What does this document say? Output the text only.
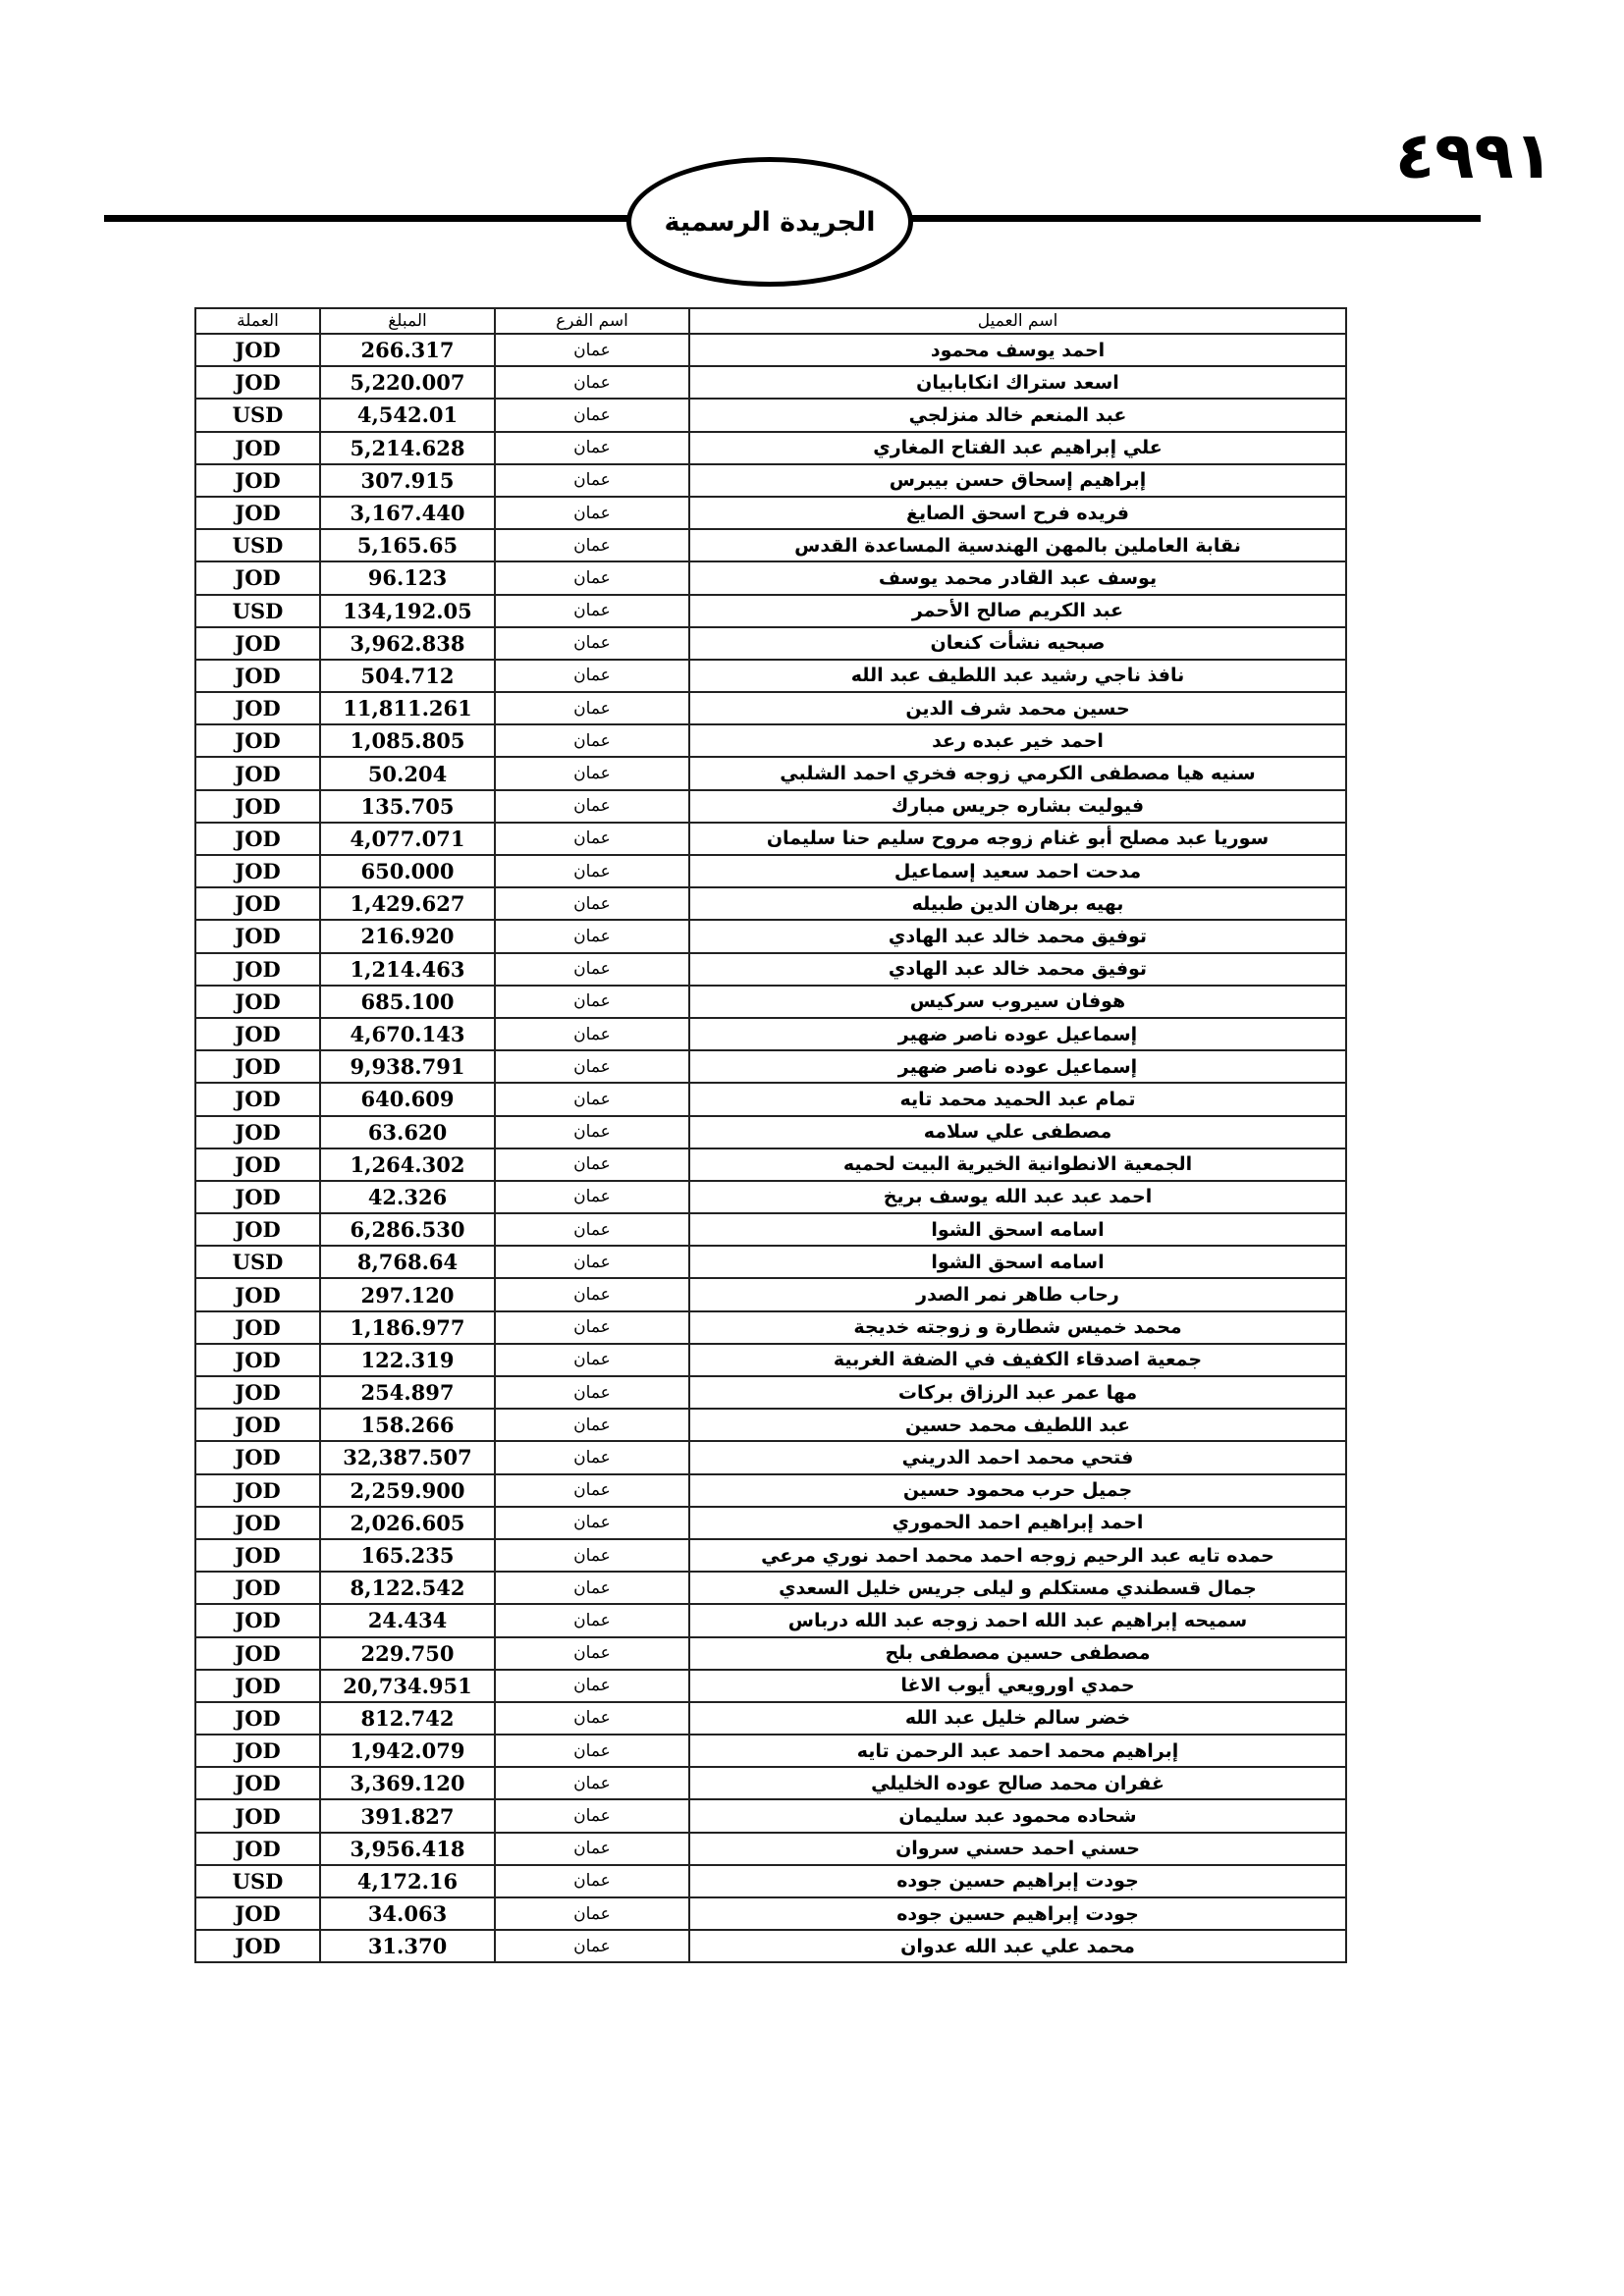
٤٩٩١
الجريدة الرسمية
العملة	المبلغ	اسم الفرع	اسم العميل
JOD	266.317	عمان	احمد يوسف محمود
JOD	5,220.007	عمان	اسعد ستراك انكابابيان
USD	4,542.01	عمان	عبد المنعم خالد منزلجي
JOD	5,214.628	عمان	علي إبراهيم عبد الفتاح المغاري
JOD	307.915	عمان	إبراهيم إسحاق حسن بيبرس
JOD	3,167.440	عمان	فريده فرح اسحق الصايغ
USD	5,165.65	عمان	نقابة العاملين بالمهن الهندسية المساعدة القدس
JOD	96.123	عمان	يوسف عبد القادر محمد يوسف
USD	134,192.05	عمان	عبد الكريم صالح الأحمر
JOD	3,962.838	عمان	صبحيه نشأت كنعان
JOD	504.712	عمان	نافذ ناجي رشيد عبد اللطيف عبد الله
JOD	11,811.261	عمان	حسين محمد شرف الدين
JOD	1,085.805	عمان	احمد خير عبده رعد
JOD	50.204	عمان	سنيه هيا مصطفى الكرمي زوجه فخري احمد الشلبي
JOD	135.705	عمان	فيوليت بشاره جريس مبارك
JOD	4,077.071	عمان	سوريا عبد مصلح أبو غنام زوجه مروح سليم حنا سليمان
JOD	650.000	عمان	مدحت احمد سعيد إسماعيل
JOD	1,429.627	عمان	بهيه برهان الدين طبيله
JOD	216.920	عمان	توفيق محمد خالد عبد الهادي
JOD	1,214.463	عمان	توفيق محمد خالد عبد الهادي
JOD	685.100	عمان	هوفان سيروب سركيس
JOD	4,670.143	عمان	إسماعيل عوده ناصر ضهير
JOD	9,938.791	عمان	إسماعيل عوده ناصر ضهير
JOD	640.609	عمان	تمام عبد الحميد محمد تايه
JOD	63.620	عمان	مصطفى علي سلامه
JOD	1,264.302	عمان	الجمعية الانطوانية الخيرية البيت لحميه
JOD	42.326	عمان	احمد عبد عبد الله يوسف بريخ
JOD	6,286.530	عمان	اسامه اسحق الشوا
USD	8,768.64	عمان	اسامه اسحق الشوا
JOD	297.120	عمان	رحاب طاهر نمر الصدر
JOD	1,186.977	عمان	محمد خميس شطارة و زوجته خديجة
JOD	122.319	عمان	جمعية اصدقاء الكفيف في الضفة الغربية
JOD	254.897	عمان	مها عمر عبد الرزاق بركات
JOD	158.266	عمان	عبد اللطيف محمد حسين
JOD	32,387.507	عمان	فتحي محمد احمد الدريني
JOD	2,259.900	عمان	جميل حرب محمود حسين
JOD	2,026.605	عمان	احمد إبراهيم احمد الحموري
JOD	165.235	عمان	حمده تايه عبد الرحيم زوجه احمد محمد احمد نوري مرعي
JOD	8,122.542	عمان	جمال قسطندي مستكلم و ليلى جريس خليل السعدي
JOD	24.434	عمان	سميحه إبراهيم عبد الله احمد زوجه عبد الله درباس
JOD	229.750	عمان	مصطفى حسين مصطفى بلح
JOD	20,734.951	عمان	حمدي اورويعي أيوب الاغا
JOD	812.742	عمان	خضر سالم خليل عبد الله
JOD	1,942.079	عمان	إبراهيم محمد احمد عبد الرحمن تايه
JOD	3,369.120	عمان	غفران محمد صالح عوده الخليلي
JOD	391.827	عمان	شحاده محمود عبد سليمان
JOD	3,956.418	عمان	حسني احمد حسني سروان
USD	4,172.16	عمان	جودت إبراهيم حسين جوده
JOD	34.063	عمان	جودت إبراهيم حسين جوده
JOD	31.370	عمان	محمد علي عبد الله عدوان
